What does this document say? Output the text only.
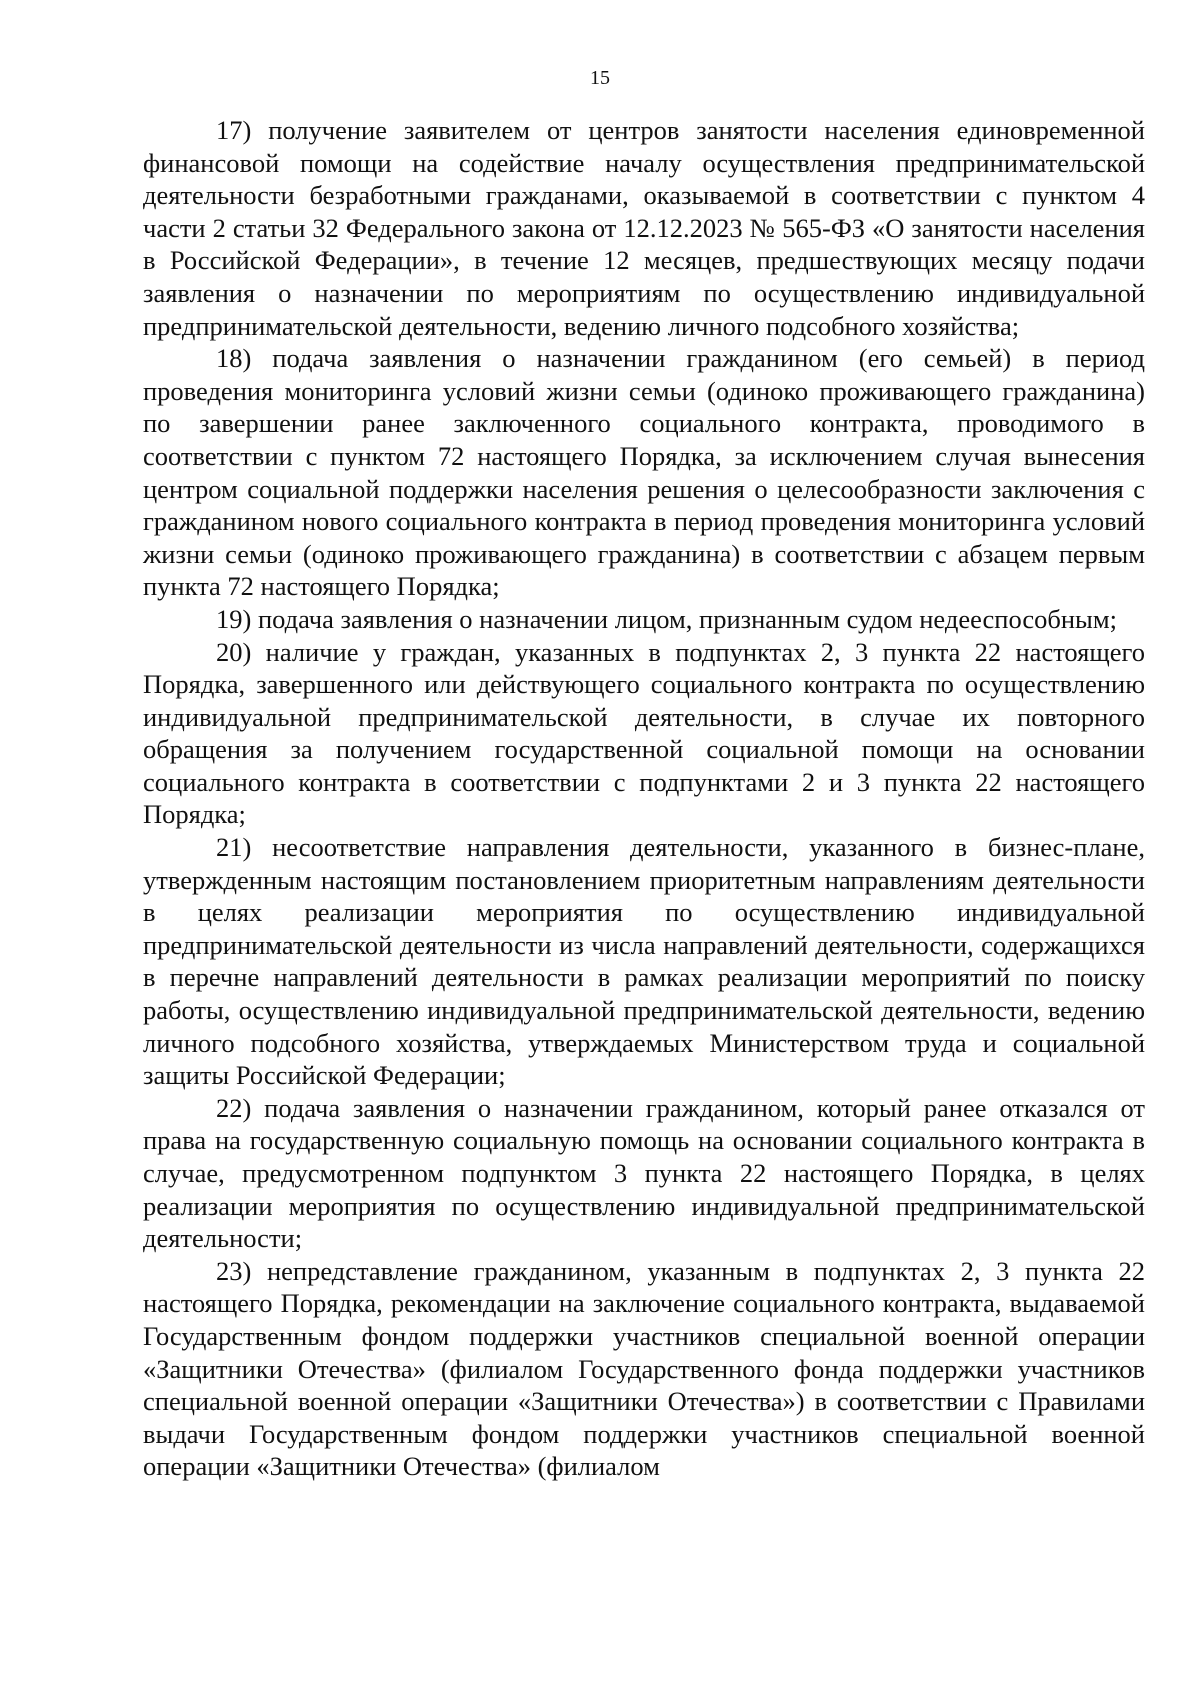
15

17) получение заявителем от центров занятости населения единовременной финансовой помощи на содействие началу осуществления предпринимательской деятельности безработными гражданами, оказываемой в соответствии с пунктом 4 части 2 статьи 32 Федерального закона от 12.12.2023 № 565-ФЗ «О занятости населения в Российской Федерации», в течение 12 месяцев, предшествующих месяцу подачи заявления о назначении по мероприятиям по осуществлению индивидуальной предпринимательской деятельности, ведению личного подсобного хозяйства;

18) подача заявления о назначении гражданином (его семьей) в период проведения мониторинга условий жизни семьи (одиноко проживающего гражданина) по завершении ранее заключенного социального контракта, проводимого в соответствии с пунктом 72 настоящего Порядка, за исключением случая вынесения центром социальной поддержки населения решения о целесообразности заключения с гражданином нового социального контракта в период проведения мониторинга условий жизни семьи (одиноко проживающего гражданина) в соответствии с абзацем первым пункта 72 настоящего Порядка;

19) подача заявления о назначении лицом, признанным судом недееспособным;

20) наличие у граждан, указанных в подпунктах 2, 3 пункта 22 настоящего Порядка, завершенного или действующего социального контракта по осуществлению индивидуальной предпринимательской деятельности, в случае их повторного обращения за получением государственной социальной помощи на основании социального контракта в соответствии с подпунктами 2 и 3 пункта 22 настоящего Порядка;

21) несоответствие направления деятельности, указанного в бизнес-плане, утвержденным настоящим постановлением приоритетным направлениям деятельности в целях реализации мероприятия по осуществлению индивидуальной предпринимательской деятельности из числа направлений деятельности, содержащихся в перечне направлений деятельности в рамках реализации мероприятий по поиску работы, осуществлению индивидуальной предпринимательской деятельности, ведению личного подсобного хозяйства, утверждаемых Министерством труда и социальной защиты Российской Федерации;

22) подача заявления о назначении гражданином, который ранее отказался от права на государственную социальную помощь на основании социального контракта в случае, предусмотренном подпунктом 3 пункта 22 настоящего Порядка, в целях реализации мероприятия по осуществлению индивидуальной предпринимательской деятельности;

23) непредставление гражданином, указанным в подпунктах 2, 3 пункта 22 настоящего Порядка, рекомендации на заключение социального контракта, выдаваемой Государственным фондом поддержки участников специальной военной операции «Защитники Отечества» (филиалом Государственного фонда поддержки участников специальной военной операции «Защитники Отечества») в соответствии с Правилами выдачи Государственным фондом поддержки участников специальной военной операции «Защитники Отечества» (филиалом
